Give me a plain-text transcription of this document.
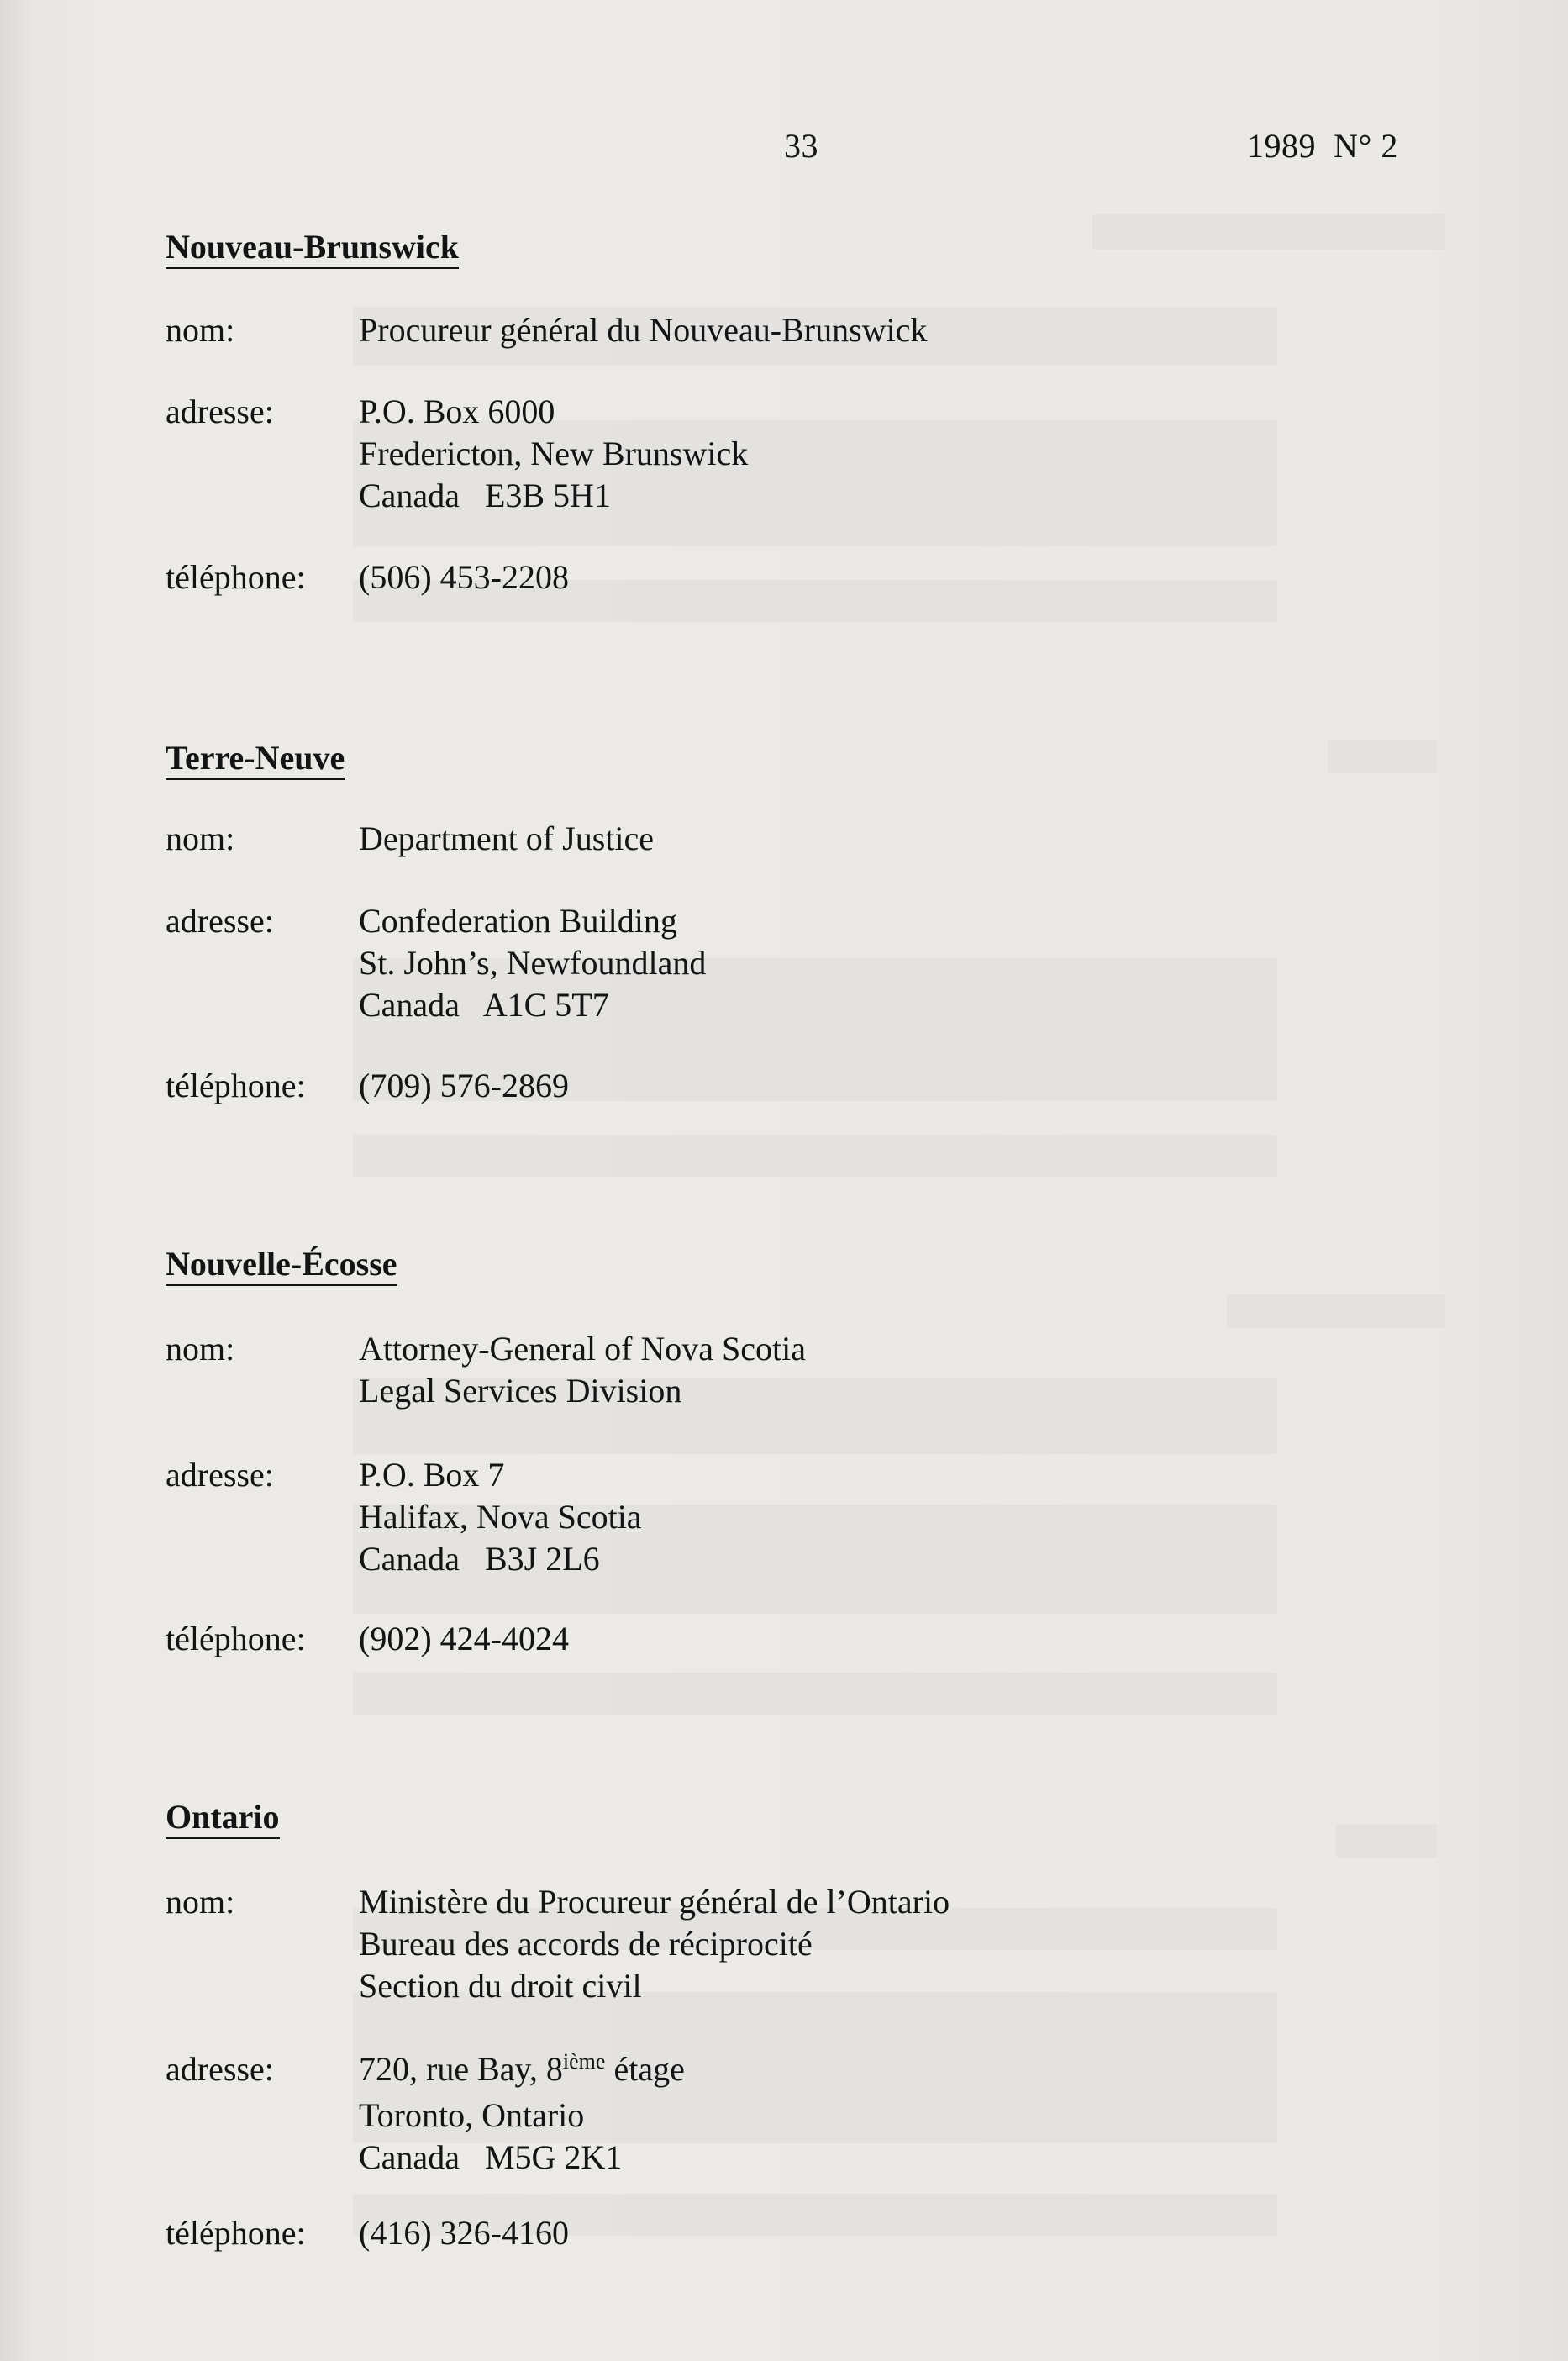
33	1989  N° 2
Nouveau-Brunswick
nom:	Procureur général du Nouveau-Brunswick
adresse:	P.O. Box 6000
Fredericton, New Brunswick
Canada   E3B 5H1
téléphone: (506) 453-2208
Terre-Neuve
nom:	Department of Justice
adresse:	Confederation Building
St. John’s, Newfoundland
Canada   A1C 5T7
téléphone: (709) 576-2869
Nouvelle-Écosse
nom:	Attorney-General of Nova Scotia
Legal Services Division
adresse:	P.O. Box 7
Halifax, Nova Scotia
Canada   B3J 2L6
téléphone: (902) 424-4024
Ontario
nom:	Ministère du Procureur général de l’Ontario
Bureau des accords de réciprocité
Section du droit civil
adresse:	720, rue Bay, 8ième étage
Toronto, Ontario
Canada   M5G 2K1
téléphone: (416) 326-4160
